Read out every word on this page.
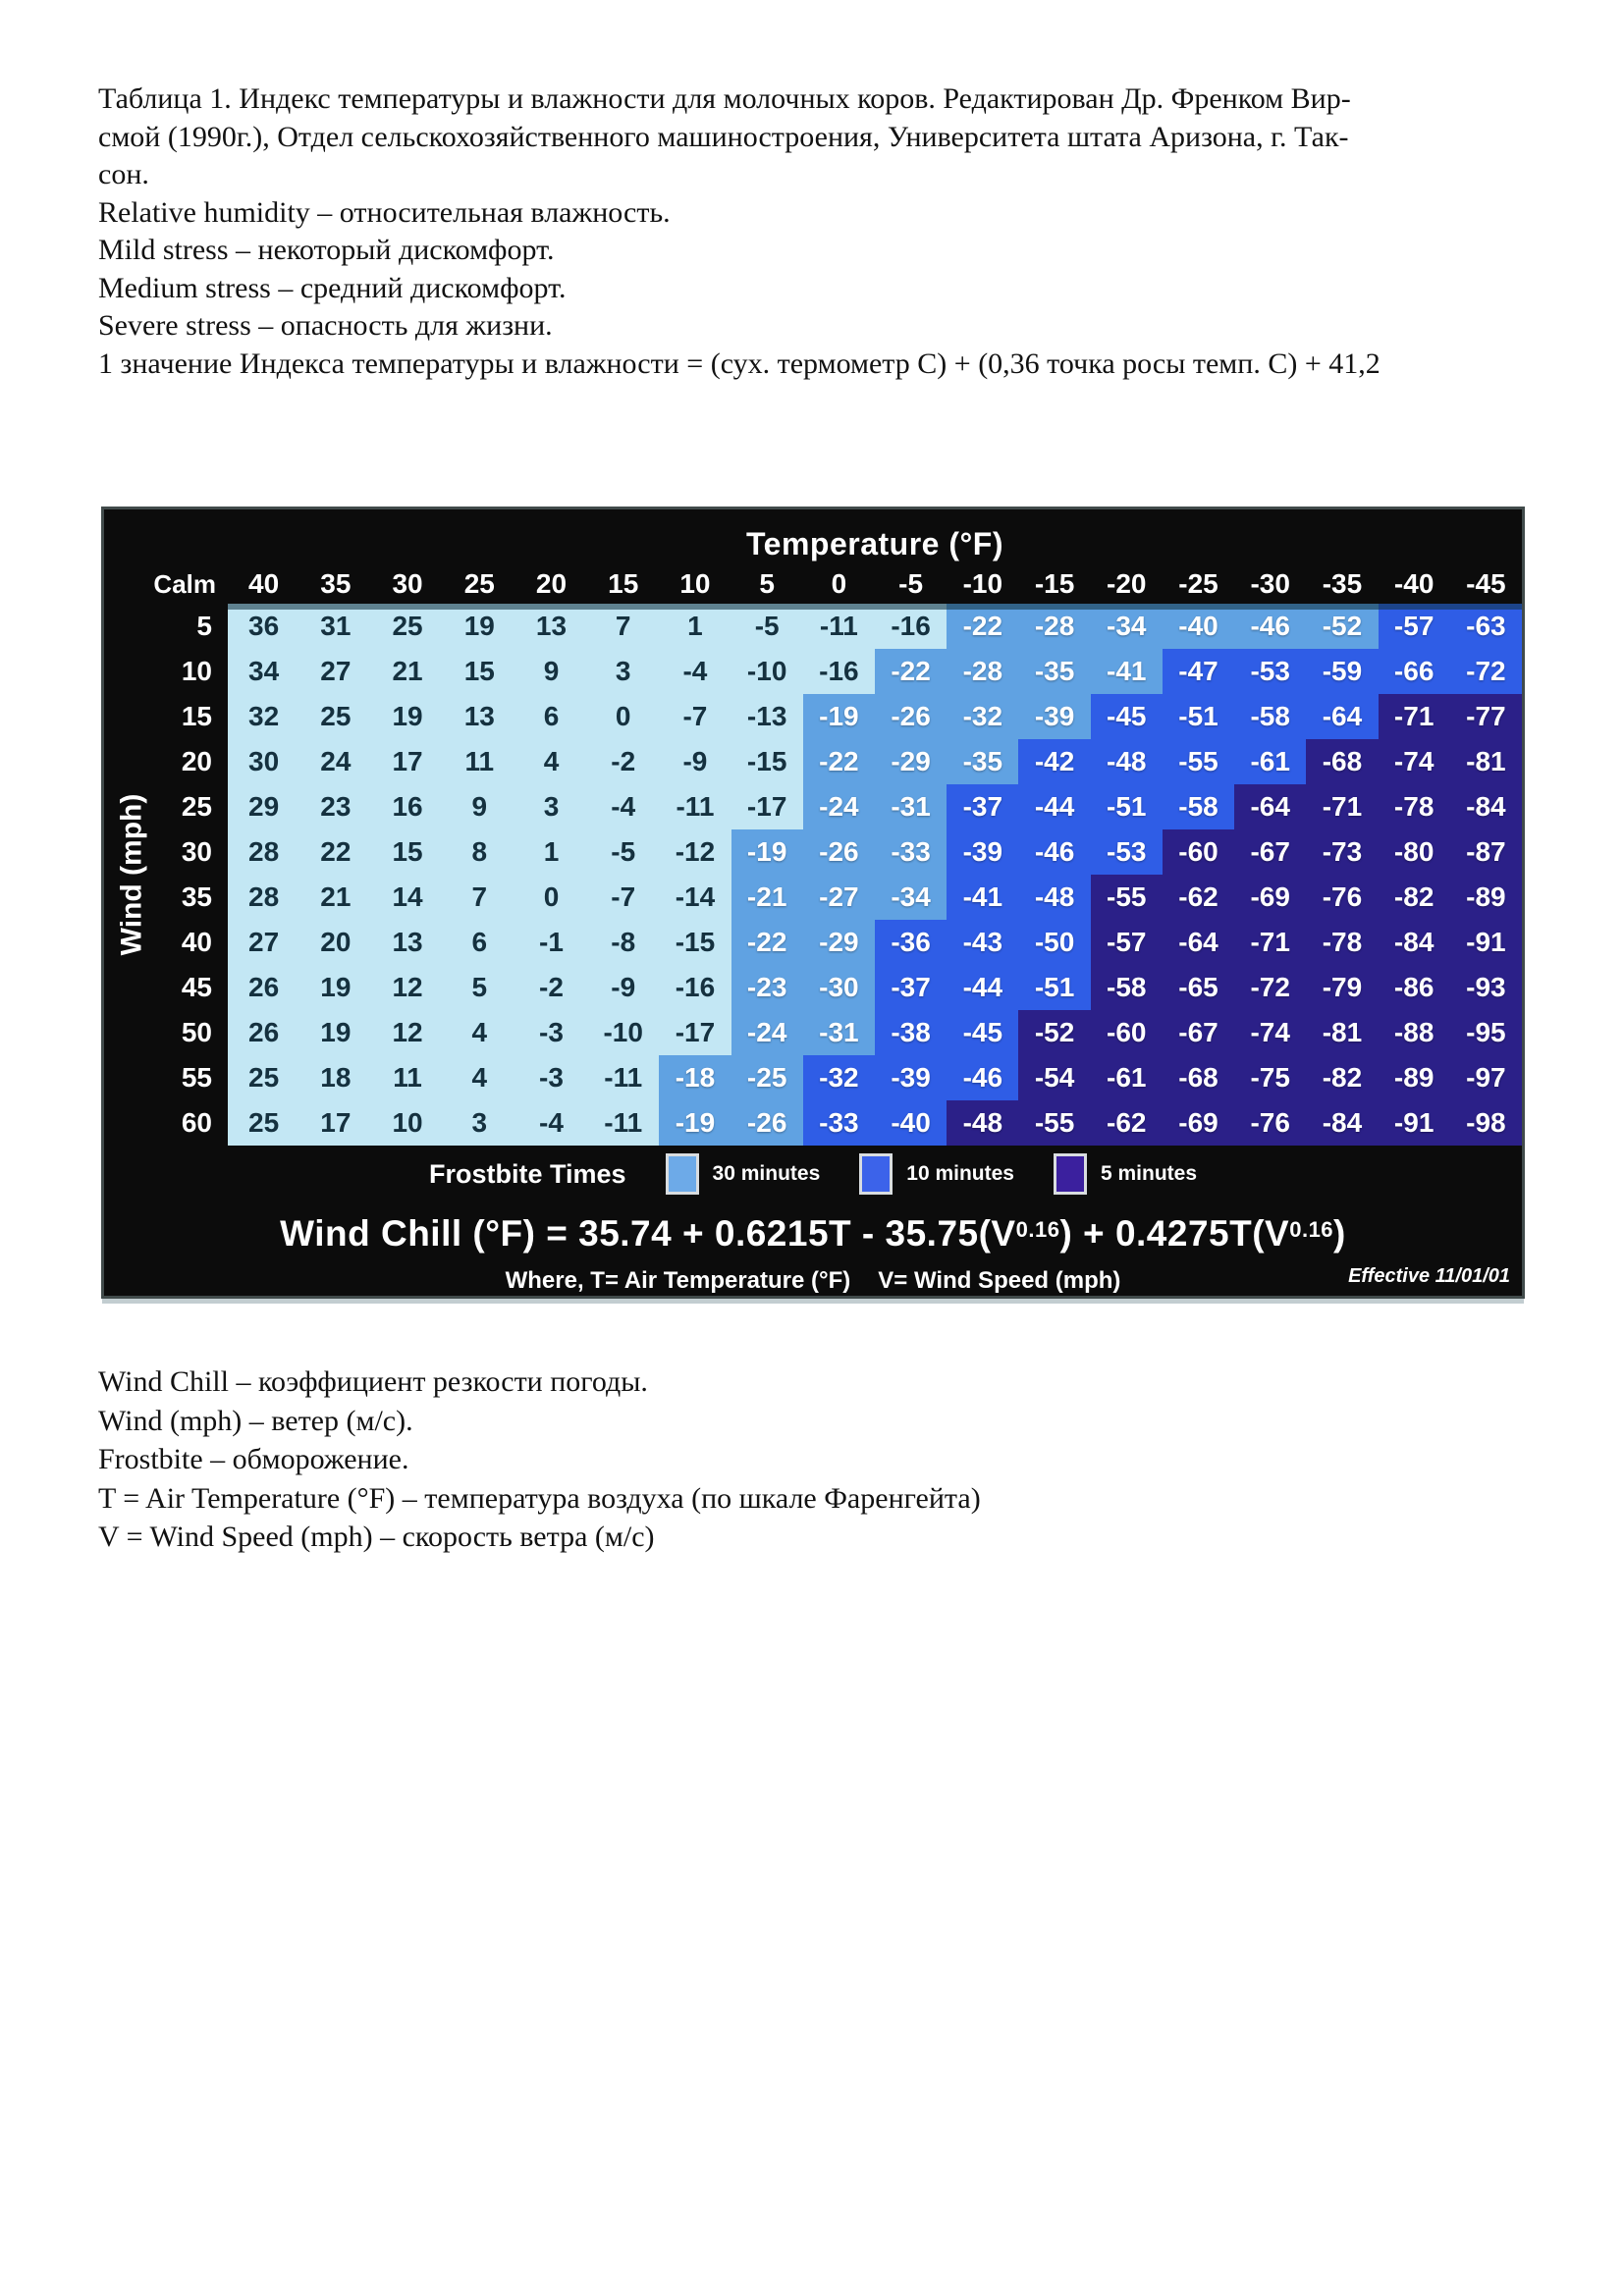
Таблица 1. Индекс температуры и влажности для молочных коров. Редактирован Др. Френком Вир-
смой (1990г.), Отдел сельскохозяйственного машиностроения, Университета штата Аризона, г. Так-
сон.
Relative humidity – относительная влажность.
Mild stress – некоторый дискомфорт.
Medium stress – средний дискомфорт.
Severe stress – опасность для жизни.
1 значение Индекса температуры и влажности = (сух. термометр С) + (0,36 точка росы темп. С) + 41,2
Temperature (°F)
Calm	40	35	30	25	20	15	10	5	0	-5	-10	-15	-20	-25	-30	-35	-40	-45
5	36	31	25	19	13	7	1	-5	-11	-16	-22	-28	-34	-40	-46	-52	-57	-63
10	34	27	21	15	9	3	-4	-10	-16	-22	-28	-35	-41	-47	-53	-59	-66	-72
15	32	25	19	13	6	0	-7	-13	-19	-26	-32	-39	-45	-51	-58	-64	-71	-77
20	30	24	17	11	4	-2	-9	-15	-22	-29	-35	-42	-48	-55	-61	-68	-74	-81
25	29	23	16	9	3	-4	-11	-17	-24	-31	-37	-44	-51	-58	-64	-71	-78	-84
30	28	22	15	8	1	-5	-12	-19	-26	-33	-39	-46	-53	-60	-67	-73	-80	-87
35	28	21	14	7	0	-7	-14	-21	-27	-34	-41	-48	-55	-62	-69	-76	-82	-89
40	27	20	13	6	-1	-8	-15	-22	-29	-36	-43	-50	-57	-64	-71	-78	-84	-91
45	26	19	12	5	-2	-9	-16	-23	-30	-37	-44	-51	-58	-65	-72	-79	-86	-93
50	26	19	12	4	-3	-10	-17	-24	-31	-38	-45	-52	-60	-67	-74	-81	-88	-95
55	25	18	11	4	-3	-11	-18	-25	-32	-39	-46	-54	-61	-68	-75	-82	-89	-97
60	25	17	10	3	-4	-11	-19	-26	-33	-40	-48	-55	-62	-69	-76	-84	-91	-98
Wind (mph)
Frostbite Times	30 minutes	10 minutes	5 minutes
Wind Chill $(^\circ F) = 35.74 + 0.6215T - 35.75(V^{0.16}$ ) + $0.4275T(V^{0.16}$ )
Where, T= Air Temperature (°F) V= Wind Speed (mph)	Effective 11/01/01
Wind Chill – коэффициент резкости погоды.
Wind (mph) – ветер (м/с).
Frostbite – обморожение.
T = Air Temperature (°F) – температура воздуха (по шкале Фаренгейта)
V = Wind Speed (mph) – скорость ветра (м/с)
